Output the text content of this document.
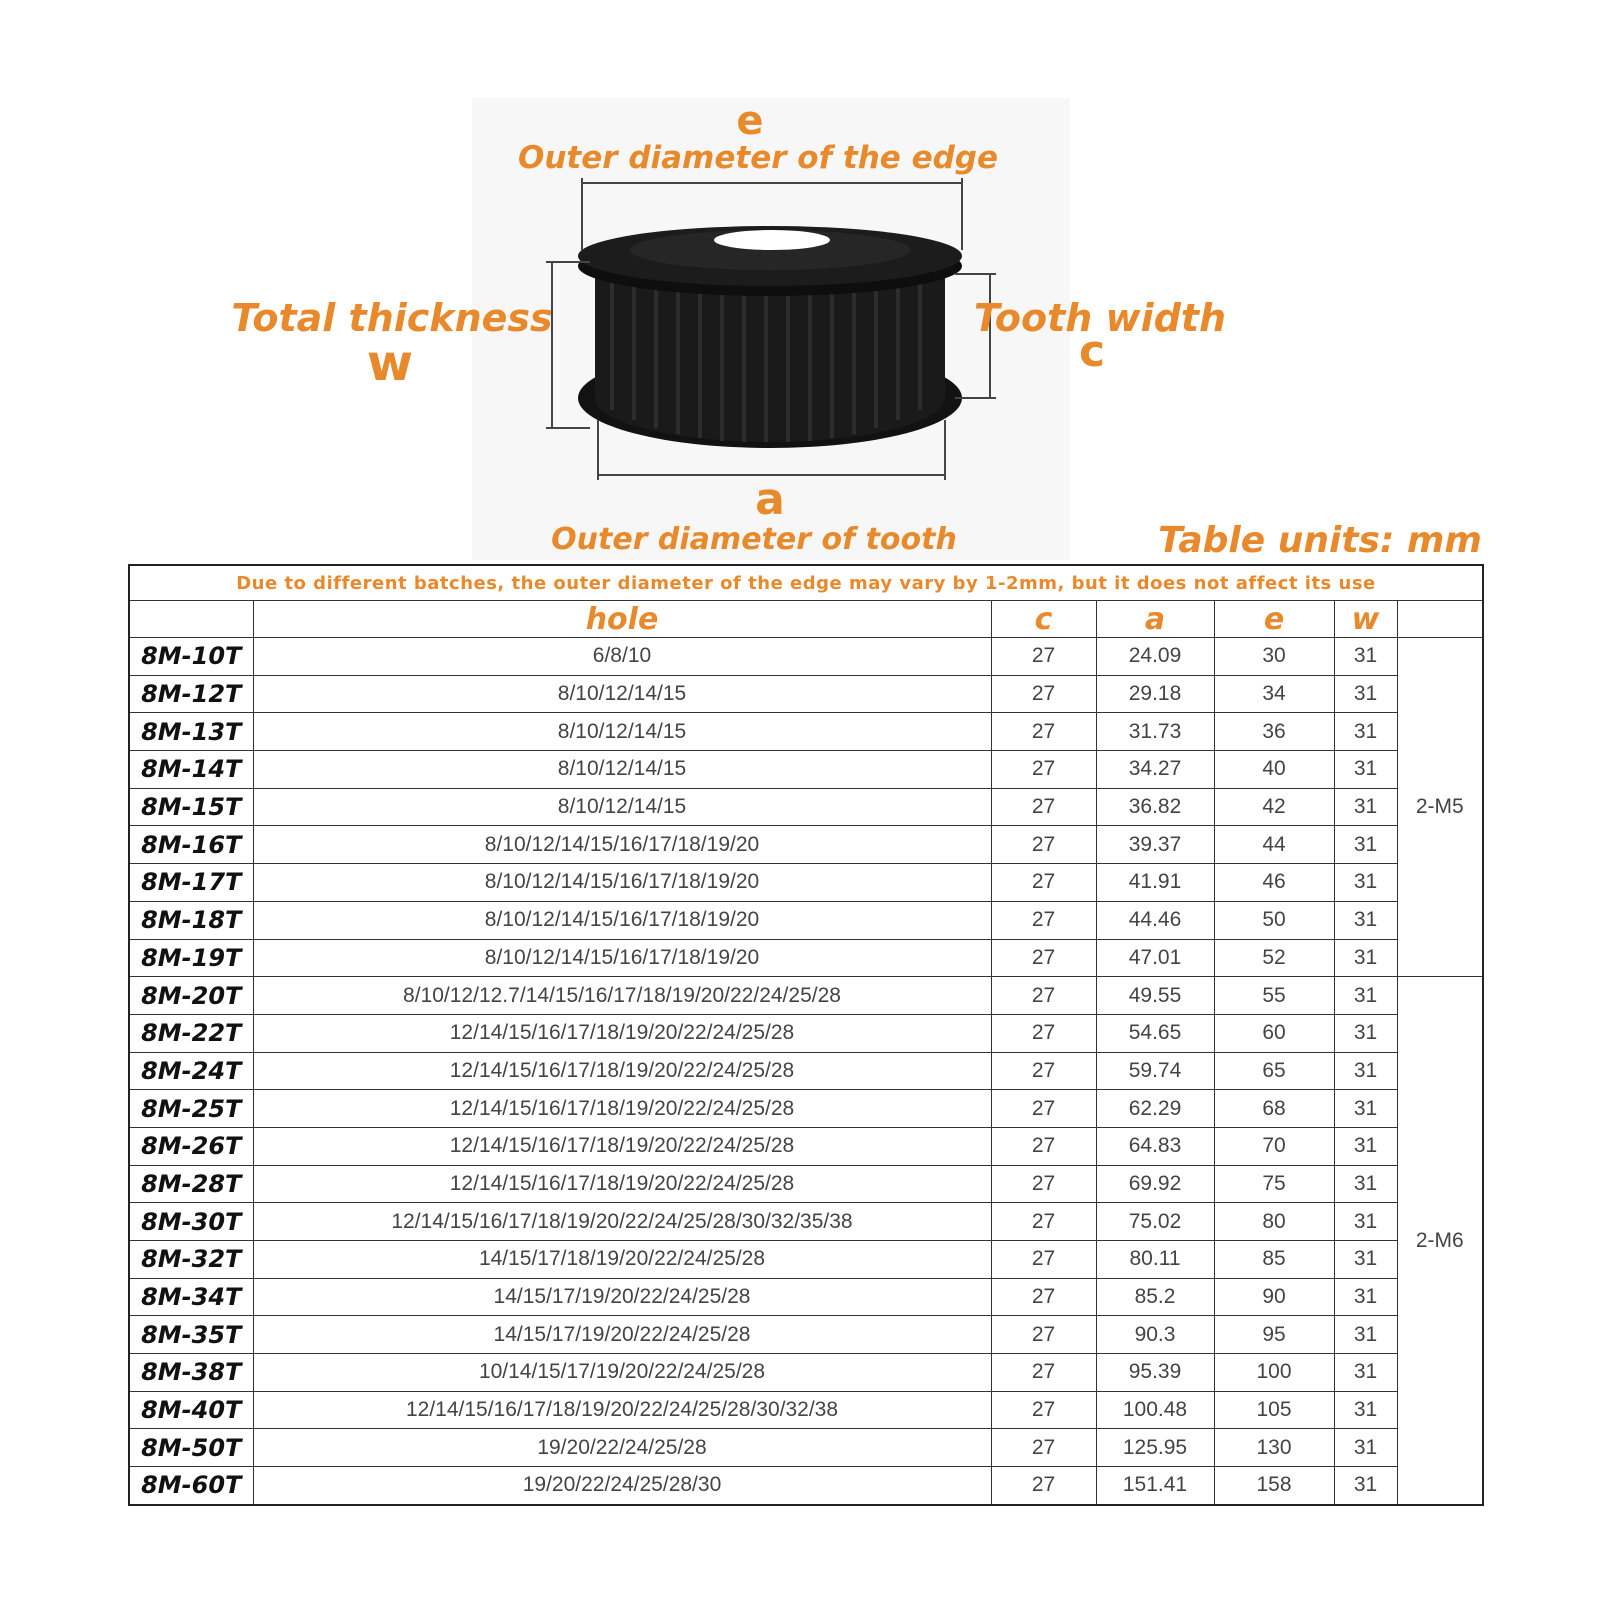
e
Outer diameter of the edge
Total thickness
w
Tooth width
c
a
Outer diameter of tooth	Table units: mm
Due to different batches, the outer diameter of the edge may vary by 1-2mm, but it does not affect its use						
	hole	c	a	e	w	
8M-10T	6/8/10	27	24.09	30	31	2-M5
8M-12T	8/10/12/14/15	27	29.18	34	31	
8M-13T	8/10/12/14/15	27	31.73	36	31	
8M-14T	8/10/12/14/15	27	34.27	40	31	
8M-15T	8/10/12/14/15	27	36.82	42	31	
8M-16T	8/10/12/14/15/16/17/18/19/20	27	39.37	44	31	
8M-17T	8/10/12/14/15/16/17/18/19/20	27	41.91	46	31	
8M-18T	8/10/12/14/15/16/17/18/19/20	27	44.46	50	31	
8M-19T	8/10/12/14/15/16/17/18/19/20	27	47.01	52	31	
8M-20T	8/10/12/12.7/14/15/16/17/18/19/20/22/24/25/28	27	49.55	55	31	2-M6
8M-22T	12/14/15/16/17/18/19/20/22/24/25/28	27	54.65	60	31	
8M-24T	12/14/15/16/17/18/19/20/22/24/25/28	27	59.74	65	31	
8M-25T	12/14/15/16/17/18/19/20/22/24/25/28	27	62.29	68	31	
8M-26T	12/14/15/16/17/18/19/20/22/24/25/28	27	64.83	70	31	
8M-28T	12/14/15/16/17/18/19/20/22/24/25/28	27	69.92	75	31	
8M-30T	12/14/15/16/17/18/19/20/22/24/25/28/30/32/35/38	27	75.02	80	31	
8M-32T	14/15/17/18/19/20/22/24/25/28	27	80.11	85	31	
8M-34T	14/15/17/19/20/22/24/25/28	27	85.2	90	31	
8M-35T	14/15/17/19/20/22/24/25/28	27	90.3	95	31	
8M-38T	10/14/15/17/19/20/22/24/25/28	27	95.39	100	31	
8M-40T	12/14/15/16/17/18/19/20/22/24/25/28/30/32/38	27	100.48	105	31	
8M-50T	19/20/22/24/25/28	27	125.95	130	31	
8M-60T	19/20/22/24/25/28/30	27	151.41	158	31	
